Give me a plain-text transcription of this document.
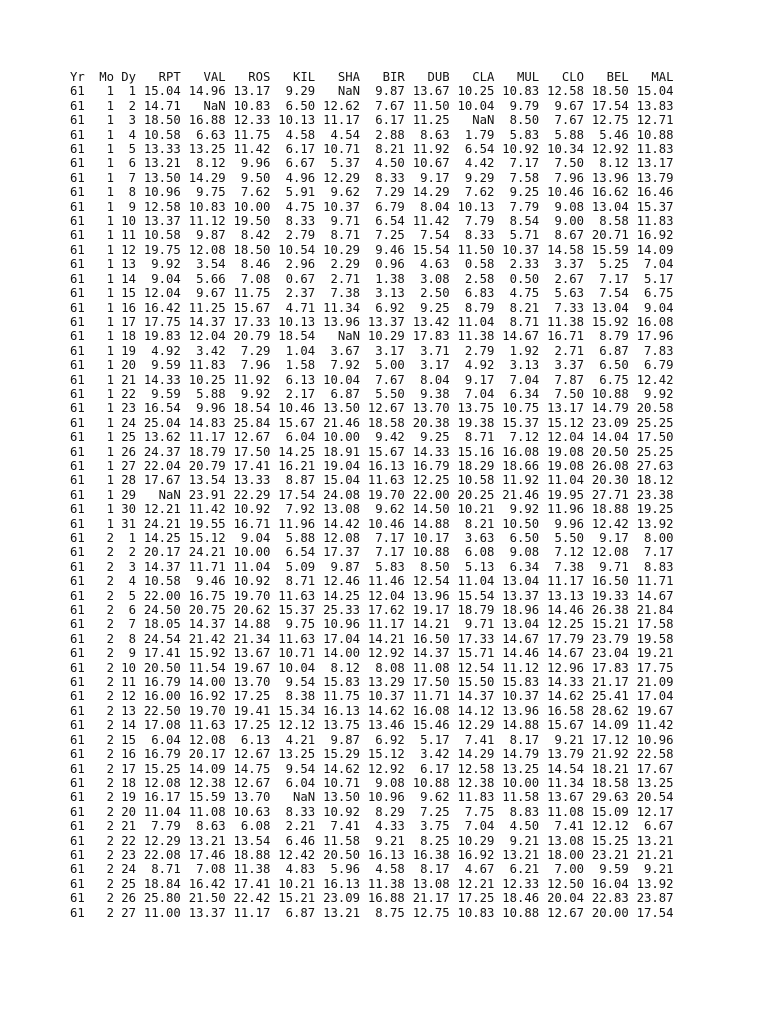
Yr	Mo	Dy	RPT	VAL	ROS	KIL	SHA	BIR	DUB	CLA	MUL	CLO	BEL	MAL
61	1	1	15.04	14.96	13.17	9.29	NaN	9.87	13.67	10.25	10.83	12.58	18.50	15.04
61	1	2	14.71	NaN	10.83	6.50	12.62	7.67	11.50	10.04	9.79	9.67	17.54	13.83
61	1	3	18.50	16.88	12.33	10.13	11.17	6.17	11.25	NaN	8.50	7.67	12.75	12.71
61	1	4	10.58	6.63	11.75	4.58	4.54	2.88	8.63	1.79	5.83	5.88	5.46	10.88
61	1	5	13.33	13.25	11.42	6.17	10.71	8.21	11.92	6.54	10.92	10.34	12.92	11.83
61	1	6	13.21	8.12	9.96	6.67	5.37	4.50	10.67	4.42	7.17	7.50	8.12	13.17
61	1	7	13.50	14.29	9.50	4.96	12.29	8.33	9.17	9.29	7.58	7.96	13.96	13.79
61	1	8	10.96	9.75	7.62	5.91	9.62	7.29	14.29	7.62	9.25	10.46	16.62	16.46
61	1	9	12.58	10.83	10.00	4.75	10.37	6.79	8.04	10.13	7.79	9.08	13.04	15.37
61	1	10	13.37	11.12	19.50	8.33	9.71	6.54	11.42	7.79	8.54	9.00	8.58	11.83
61	1	11	10.58	9.87	8.42	2.79	8.71	7.25	7.54	8.33	5.71	8.67	20.71	16.92
61	1	12	19.75	12.08	18.50	10.54	10.29	9.46	15.54	11.50	10.37	14.58	15.59	14.09
61	1	13	9.92	3.54	8.46	2.96	2.29	0.96	4.63	0.58	2.33	3.37	5.25	7.04
61	1	14	9.04	5.66	7.08	0.67	2.71	1.38	3.08	2.58	0.50	2.67	7.17	5.17
61	1	15	12.04	9.67	11.75	2.37	7.38	3.13	2.50	6.83	4.75	5.63	7.54	6.75
61	1	16	16.42	11.25	15.67	4.71	11.34	6.92	9.25	8.79	8.21	7.33	13.04	9.04
61	1	17	17.75	14.37	17.33	10.13	13.96	13.37	13.42	11.04	8.71	11.38	15.92	16.08
61	1	18	19.83	12.04	20.79	18.54	NaN	10.29	17.83	11.38	14.67	16.71	8.79	17.96
61	1	19	4.92	3.42	7.29	1.04	3.67	3.17	3.71	2.79	1.92	2.71	6.87	7.83
61	1	20	9.59	11.83	7.96	1.58	7.92	5.00	3.17	4.92	3.13	3.37	6.50	6.79
61	1	21	14.33	10.25	11.92	6.13	10.04	7.67	8.04	9.17	7.04	7.87	6.75	12.42
61	1	22	9.59	5.88	9.92	2.17	6.87	5.50	9.38	7.04	6.34	7.50	10.88	9.92
61	1	23	16.54	9.96	18.54	10.46	13.50	12.67	13.70	13.75	10.75	13.17	14.79	20.58
61	1	24	25.04	14.83	25.84	15.67	21.46	18.58	20.38	19.38	15.37	15.12	23.09	25.25
61	1	25	13.62	11.17	12.67	6.04	10.00	9.42	9.25	8.71	7.12	12.04	14.04	17.50
61	1	26	24.37	18.79	17.50	14.25	18.91	15.67	14.33	15.16	16.08	19.08	20.50	25.25
61	1	27	22.04	20.79	17.41	16.21	19.04	16.13	16.79	18.29	18.66	19.08	26.08	27.63
61	1	28	17.67	13.54	13.33	8.87	15.04	11.63	12.25	10.58	11.92	11.04	20.30	18.12
61	1	29	NaN	23.91	22.29	17.54	24.08	19.70	22.00	20.25	21.46	19.95	27.71	23.38
61	1	30	12.21	11.42	10.92	7.92	13.08	9.62	14.50	10.21	9.92	11.96	18.88	19.25
61	1	31	24.21	19.55	16.71	11.96	14.42	10.46	14.88	8.21	10.50	9.96	12.42	13.92
61	2	1	14.25	15.12	9.04	5.88	12.08	7.17	10.17	3.63	6.50	5.50	9.17	8.00
61	2	2	20.17	24.21	10.00	6.54	17.37	7.17	10.88	6.08	9.08	7.12	12.08	7.17
61	2	3	14.37	11.71	11.04	5.09	9.87	5.83	8.50	5.13	6.34	7.38	9.71	8.83
61	2	4	10.58	9.46	10.92	8.71	12.46	11.46	12.54	11.04	13.04	11.17	16.50	11.71
61	2	5	22.00	16.75	19.70	11.63	14.25	12.04	13.96	15.54	13.37	13.13	19.33	14.67
61	2	6	24.50	20.75	20.62	15.37	25.33	17.62	19.17	18.79	18.96	14.46	26.38	21.84
61	2	7	18.05	14.37	14.88	9.75	10.96	11.17	14.21	9.71	13.04	12.25	15.21	17.58
61	2	8	24.54	21.42	21.34	11.63	17.04	14.21	16.50	17.33	14.67	17.79	23.79	19.58
61	2	9	17.41	15.92	13.67	10.71	14.00	12.92	14.37	15.71	14.46	14.67	23.04	19.21
61	2	10	20.50	11.54	19.67	10.04	8.12	8.08	11.08	12.54	11.12	12.96	17.83	17.75
61	2	11	16.79	14.00	13.70	9.54	15.83	13.29	17.50	15.50	15.83	14.33	21.17	21.09
61	2	12	16.00	16.92	17.25	8.38	11.75	10.37	11.71	14.37	10.37	14.62	25.41	17.04
61	2	13	22.50	19.70	19.41	15.34	16.13	14.62	16.08	14.12	13.96	16.58	28.62	19.67
61	2	14	17.08	11.63	17.25	12.12	13.75	13.46	15.46	12.29	14.88	15.67	14.09	11.42
61	2	15	6.04	12.08	6.13	4.21	9.87	6.92	5.17	7.41	8.17	9.21	17.12	10.96
61	2	16	16.79	20.17	12.67	13.25	15.29	15.12	3.42	14.29	14.79	13.79	21.92	22.58
61	2	17	15.25	14.09	14.75	9.54	14.62	12.92	6.17	12.58	13.25	14.54	18.21	17.67
61	2	18	12.08	12.38	12.67	6.04	10.71	9.08	10.88	12.38	10.00	11.34	18.58	13.25
61	2	19	16.17	15.59	13.70	NaN	13.50	10.96	9.62	11.83	11.58	13.67	29.63	20.54
61	2	20	11.04	11.08	10.63	8.33	10.92	8.29	7.25	7.75	8.83	11.08	15.09	12.17
61	2	21	7.79	8.63	6.08	2.21	7.41	4.33	3.75	7.04	4.50	7.41	12.12	6.67
61	2	22	12.29	13.21	13.54	6.46	11.58	9.21	8.25	10.29	9.21	13.08	15.25	13.21
61	2	23	22.08	17.46	18.88	12.42	20.50	16.13	16.38	16.92	13.21	18.00	23.21	21.21
61	2	24	8.71	7.08	11.38	4.83	5.96	4.58	8.17	4.67	6.21	7.00	9.59	9.21
61	2	25	18.84	16.42	17.41	10.21	16.13	11.38	13.08	12.21	12.33	12.50	16.04	13.92
61	2	26	25.80	21.50	22.42	15.21	23.09	16.88	21.17	17.25	18.46	20.04	22.83	23.87
61	2	27	11.00	13.37	11.17	6.87	13.21	8.75	12.75	10.83	10.88	12.67	20.00	17.54
